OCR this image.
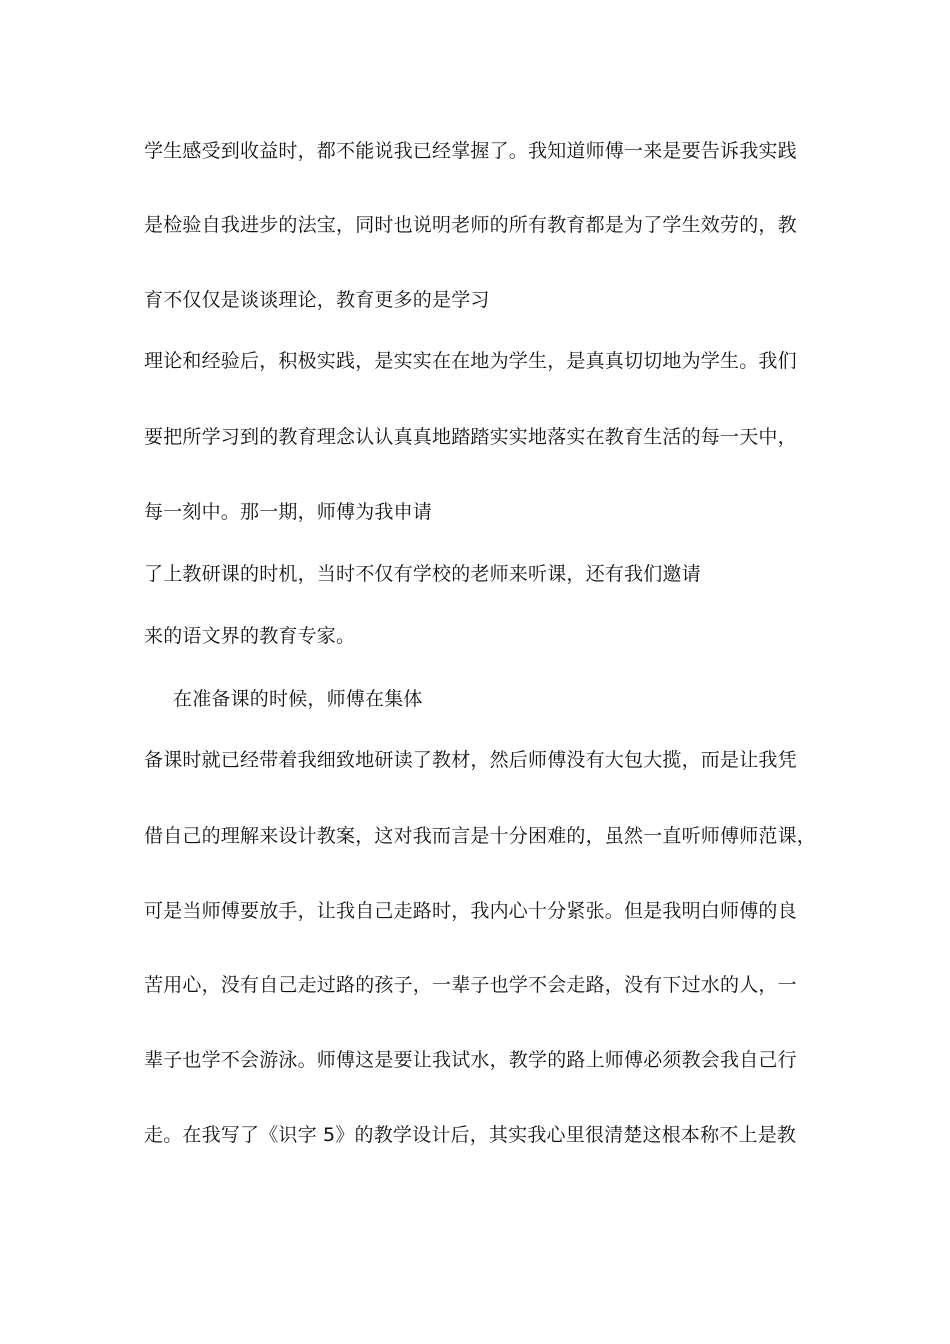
学生感受到收益时，都不能说我已经掌握了。我知道师傅一来是要告诉我实践
是检验自我进步的法宝，同时也说明老师的所有教育都是为了学生效劳的，教
育不仅仅是谈谈理论，教育更多的是学习
理论和经验后，积极实践，是实实在在地为学生，是真真切切地为学生。我们
要把所学习到的教育理念认认真真地踏踏实实地落实在教育生活的每一天中，
每一刻中。那一期，师傅为我申请
了上教研课的时机，当时不仅有学校的老师来听课，还有我们邀请
来的语文界的教育专家。
在准备课的时候，师傅在集体
备课时就已经带着我细致地研读了教材，然后师傅没有大包大揽，而是让我凭
借自己的理解来设计教案，这对我而言是十分困难的，虽然一直听师傅师范课，
可是当师傅要放手，让我自己走路时，我内心十分紧张。但是我明白师傅的良
苦用心，没有自己走过路的孩子，一辈子也学不会走路，没有下过水的人，一
辈子也学不会游泳。师傅这是要让我试水，教学的路上师傅必须教会我自己行
走。在我写了《识字 5》的教学设计后，其实我心里很清楚这根本称不上是教
